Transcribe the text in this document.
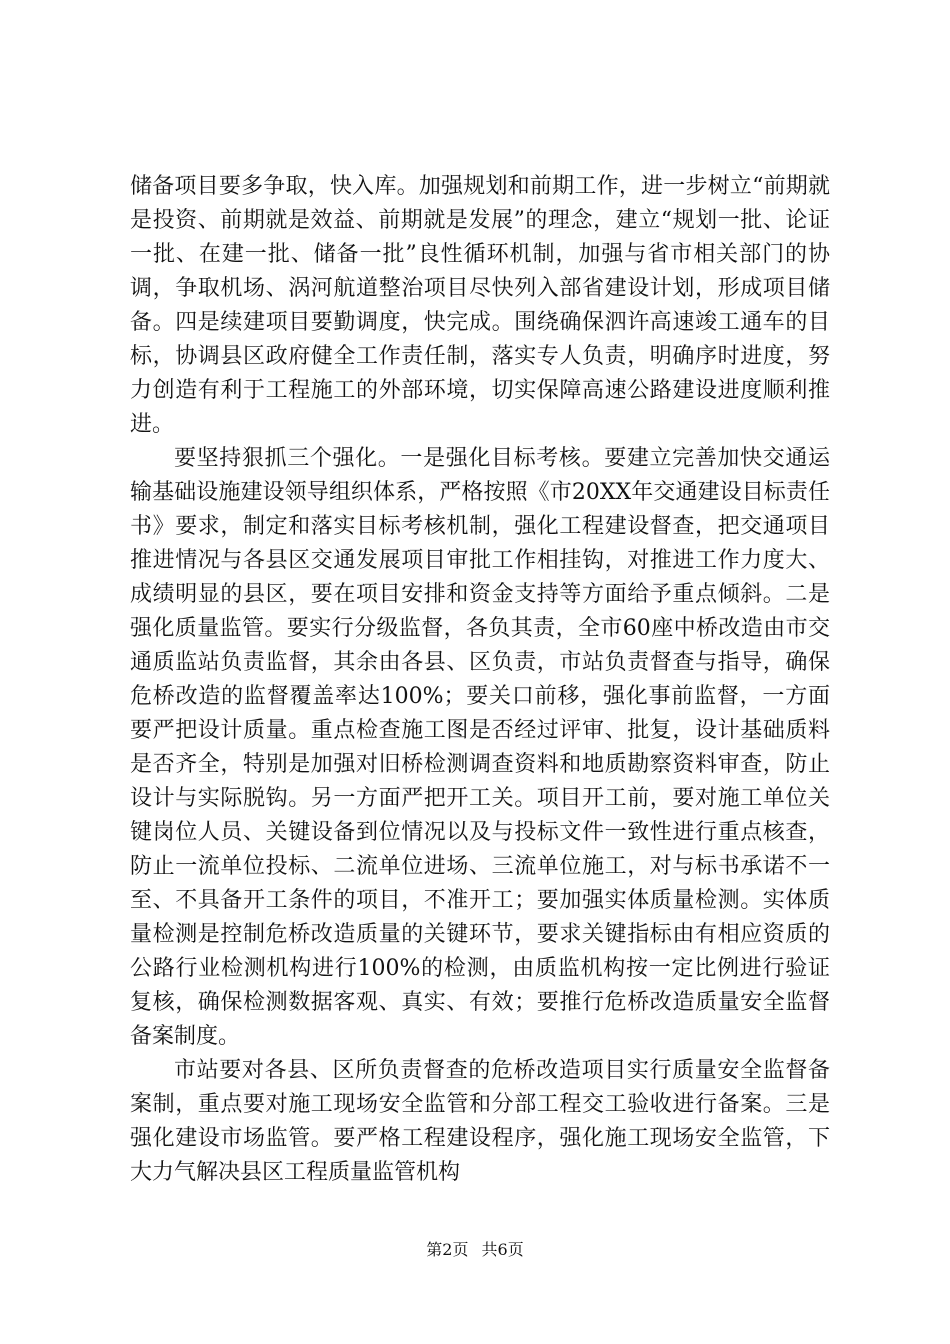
储备项目要多争取，快入库。加强规划和前期工作，进一步树立“前期就是投资、前期就是效益、前期就是发展”的理念，建立“规划一批、论证一批、在建一批、储备一批”良性循环机制，加强与省市相关部门的协调，争取机场、涡河航道整治项目尽快列入部省建设计划，形成项目储备。四是续建项目要勤调度，快完成。围绕确保泗许高速竣工通车的目标，协调县区政府健全工作责任制，落实专人负责，明确序时进度，努力创造有利于工程施工的外部环境，切实保障高速公路建设进度顺利推进。

要坚持狠抓三个强化。一是强化目标考核。要建立完善加快交通运输基础设施建设领导组织体系，严格按照《市20XX年交通建设目标责任书》要求，制定和落实目标考核机制，强化工程建设督查，把交通项目推进情况与各县区交通发展项目审批工作相挂钩，对推进工作力度大、成绩明显的县区，要在项目安排和资金支持等方面给予重点倾斜。二是强化质量监管。要实行分级监督，各负其责，全市60座中桥改造由市交通质监站负责监督，其余由各县、区负责，市站负责督查与指导，确保危桥改造的监督覆盖率达100%；要关口前移，强化事前监督，一方面要严把设计质量。重点检查施工图是否经过评审、批复，设计基础质料是否齐全，特别是加强对旧桥检测调查资料和地质勘察资料审查，防止设计与实际脱钩。另一方面严把开工关。项目开工前，要对施工单位关键岗位人员、关键设备到位情况以及与投标文件一致性进行重点核查，防止一流单位投标、二流单位进场、三流单位施工，对与标书承诺不一至、不具备开工条件的项目，不准开工；要加强实体质量检测。实体质量检测是控制危桥改造质量的关键环节，要求关键指标由有相应资质的公路行业检测机构进行100%的检测，由质监机构按一定比例进行验证复核，确保检测数据客观、真实、有效；要推行危桥改造质量安全监督备案制度。

市站要对各县、区所负责督查的危桥改造项目实行质量安全监督备案制，重点要对施工现场安全监管和分部工程交工验收进行备案。三是强化建设市场监管。要严格工程建设程序，强化施工现场安全监管，下大力气解决县区工程质量监管机构

第2页 共6页
